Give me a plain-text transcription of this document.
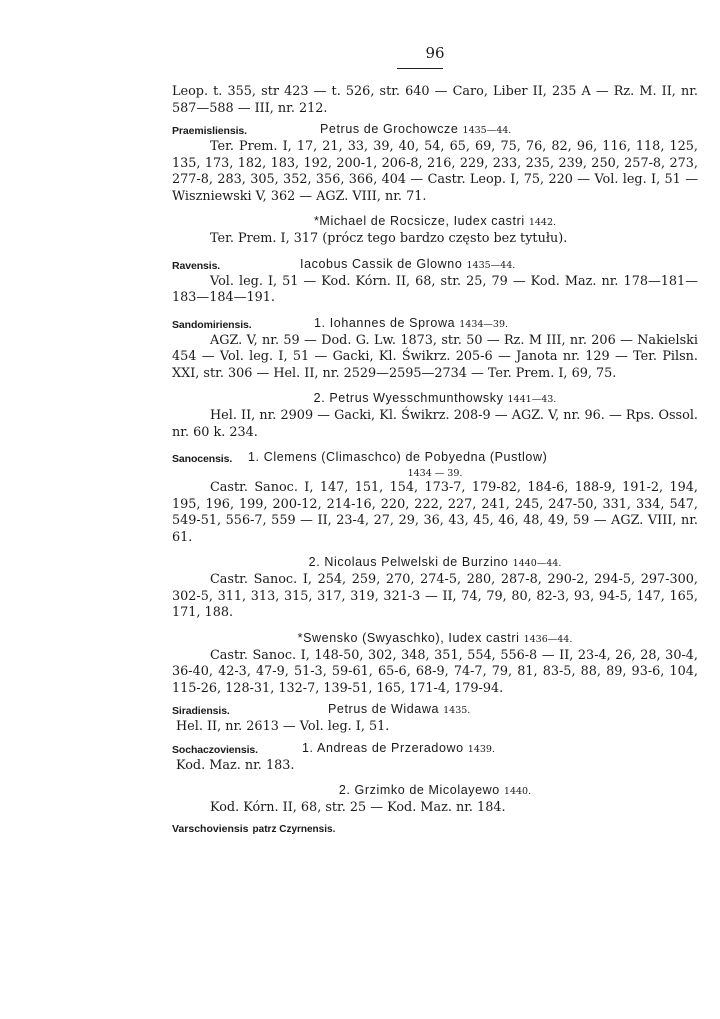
96

Leop. t. 355, str 423 — t. 526, str. 640 — Caro, Liber II, 235 A — Rz. M. II, nr. 587—588 — III, nr. 212.

Praemisliensis.	Petrus de Grochowcze 1435—44.

Ter. Prem. I, 17, 21, 33, 39, 40, 54, 65, 69, 75, 76, 82, 96, 116, 118, 125, 135, 173, 182, 183, 192, 200-1, 206-8, 216, 229, 233, 235, 239, 250, 257-8, 273, 277-8, 283, 305, 352, 356, 366, 404 — Castr. Leop. I, 75, 220 — Vol. leg. I, 51 — Wiszniewski V, 362 — AGZ. VIII, nr. 71.

*Michael de Rocsicze, Iudex castri 1442.

Ter. Prem. I, 317 (prócz tego bardzo często bez tytułu).

Ravensis.	Iacobus Cassik de Glowno 1435—44.

Vol. leg. I, 51 — Kod. Kórn. II, 68, str. 25, 79 — Kod. Maz. nr. 178—181—183—184—191.

Sandomiriensis.	1. Iohannes de Sprowa 1434—39.

AGZ. V, nr. 59 — Dod. G. Lw. 1873, str. 50 — Rz. M III, nr. 206 — Nakielski 454 — Vol. leg. I, 51 — Gacki, Kl. Świkrz. 205-6 — Janota nr. 129 — Ter. Pilsn. XXI, str. 306 — Hel. II, nr. 2529—2595—2734 — Ter. Prem. I, 69, 75.

2. Petrus Wyesschmunthowsky 1441—43.

Hel. II, nr. 2909 — Gacki, Kl. Świkrz. 208-9 — AGZ. V, nr. 96. — Rps. Ossol. nr. 60 k. 234.

Sanocensis. 1. Clemens (Climaschco) de Pobyedna (Pustlow)
1434 — 39.

Castr. Sanoc. I, 147, 151, 154, 173-7, 179-82, 184-6, 188-9, 191-2, 194, 195, 196, 199, 200-12, 214-16, 220, 222, 227, 241, 245, 247-50, 331, 334, 547, 549-51, 556-7, 559 — II, 23-4, 27, 29, 36, 43, 45, 46, 48, 49, 59 — AGZ. VIII, nr. 61.

2. Nicolaus Pelwelski de Burzino 1440—44.

Castr. Sanoc. I, 254, 259, 270, 274-5, 280, 287-8, 290-2, 294-5, 297-300, 302-5, 311, 313, 315, 317, 319, 321-3 — II, 74, 79, 80, 82-3, 93, 94-5, 147, 165, 171, 188.

*Swensko (Swyaschko), Iudex castri 1436—44.

Castr. Sanoc. I, 148-50, 302, 348, 351, 554, 556-8 — II, 23-4, 26, 28, 30-4, 36-40, 42-3, 47-9, 51-3, 59-61, 65-6, 68-9, 74-7, 79, 81, 83-5, 88, 89, 93-6, 104, 115-26, 128-31, 132-7, 139-51, 165, 171-4, 179-94.

Siradiensis.	Petrus de Widawa 1435.

Hel. II, nr. 2613 — Vol. leg. I, 51.

Sochaczoviensis.	1. Andreas de Przeradowo 1439.

Kod. Maz. nr. 183.

2. Grzimko de Micolayewo 1440.

Kod. Kórn. II, 68, str. 25 — Kod. Maz. nr. 184.

Varschoviensis patrz Czyrnensis.
